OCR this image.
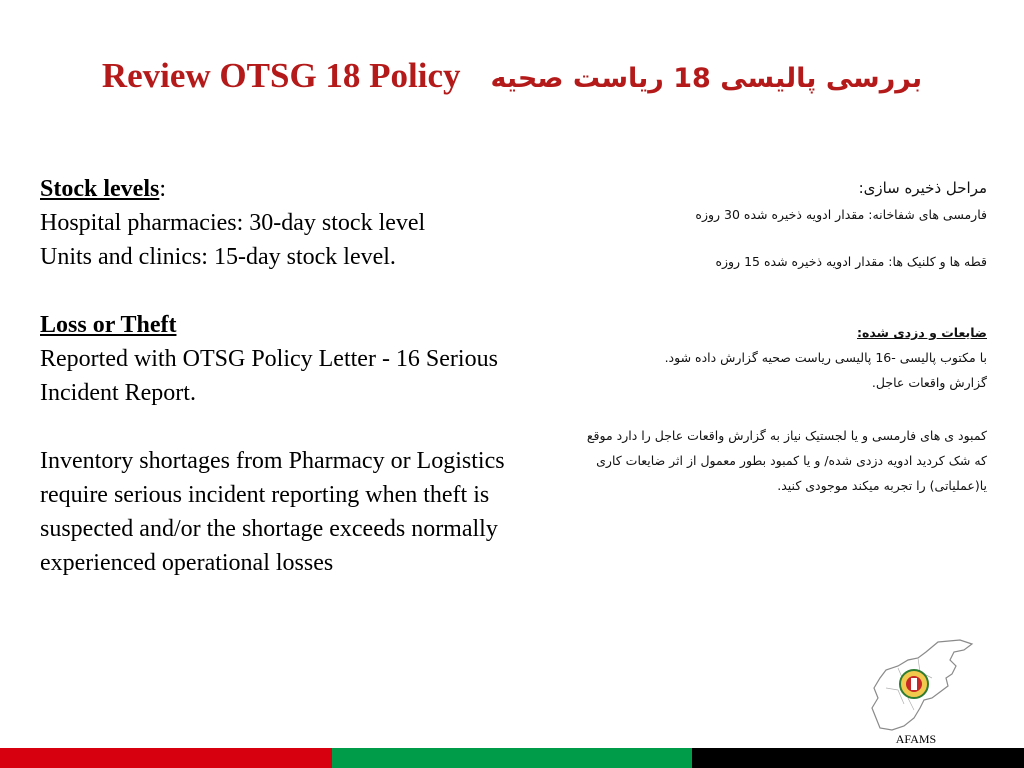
Review OTSG 18 Policy بررسی پالیسی 18 ریاست صحیه

Stock levels:

Hospital pharmacies: 30-day stock level

Units and clinics: 15-day stock level.

Loss or Theft

Reported with OTSG Policy Letter - 16 Serious Incident Report.

Inventory shortages from Pharmacy or Logistics require serious incident reporting when theft is suspected and/or the shortage exceeds normally experienced operational losses

مراحل ذخیره سازی:

فارمسی های شفاخانه: مقدار ادویه ذخیره شده 30 روزه

قطه ها و کلنیک ها: مقدار ادویه ذخیره شده 15 روزه

ضایعات و دزدی شده:

با مکتوب پالیسی -16 پالیسی ریاست صحیه گزارش داده شود.

گزارش واقعات عاجل.

کمبود ی های فارمسی و یا لجستیک نیاز به گزارش واقعات عاجل را دارد موقع که شک کردید ادویه دزدی شده/ و یا کمبود بطور معمول از اثر ضایعات کاری یا(عملیاتی) را تجربه میکند موجودی کنید.

AFAMS
